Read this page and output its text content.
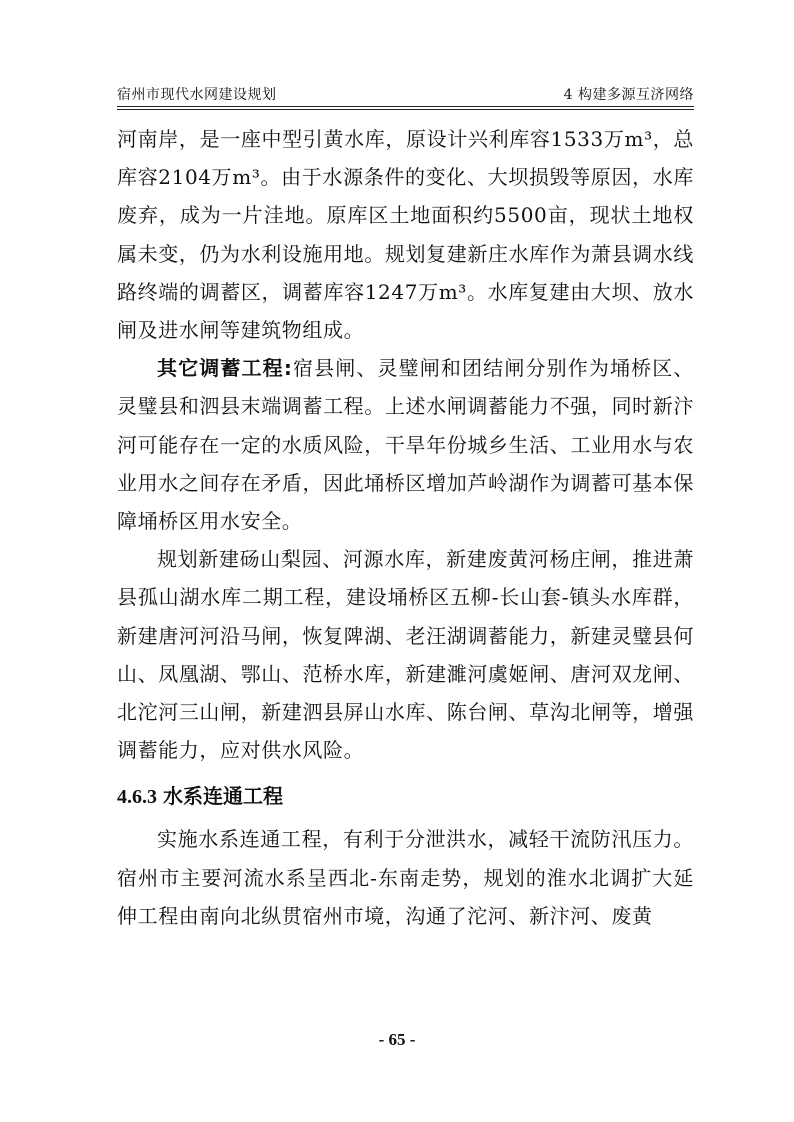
宿州市现代水网建设规划	4 构建多源互济网络

河南岸，是一座中型引黄水库，原设计兴利库容1533万m³，总库容2104万m³。由于水源条件的变化、大坝损毁等原因，水库废弃，成为一片洼地。原库区土地面积约5500亩，现状土地权属未变，仍为水利设施用地。规划复建新庄水库作为萧县调水线路终端的调蓄区，调蓄库容1247万m³。水库复建由大坝、放水闸及进水闸等建筑物组成。

其它调蓄工程:宿县闸、灵璧闸和团结闸分别作为埇桥区、灵璧县和泗县末端调蓄工程。上述水闸调蓄能力不强，同时新汴河可能存在一定的水质风险，干旱年份城乡生活、工业用水与农业用水之间存在矛盾，因此埇桥区增加芦岭湖作为调蓄可基本保障埇桥区用水安全。

规划新建砀山梨园、河源水库，新建废黄河杨庄闸，推进萧县孤山湖水库二期工程，建设埇桥区五柳-长山套-镇头水库群，新建唐河河沿马闸，恢复陴湖、老汪湖调蓄能力，新建灵璧县何山、凤凰湖、鄂山、范桥水库，新建濉河虞姬闸、唐河双龙闸、北沱河三山闸，新建泗县屏山水库、陈台闸、草沟北闸等，增强调蓄能力，应对供水风险。

4.6.3 水系连通工程

实施水系连通工程，有利于分泄洪水，减轻干流防汛压力。宿州市主要河流水系呈西北-东南走势，规划的淮水北调扩大延伸工程由南向北纵贯宿州市境，沟通了沱河、新汴河、废黄

- 65 -
